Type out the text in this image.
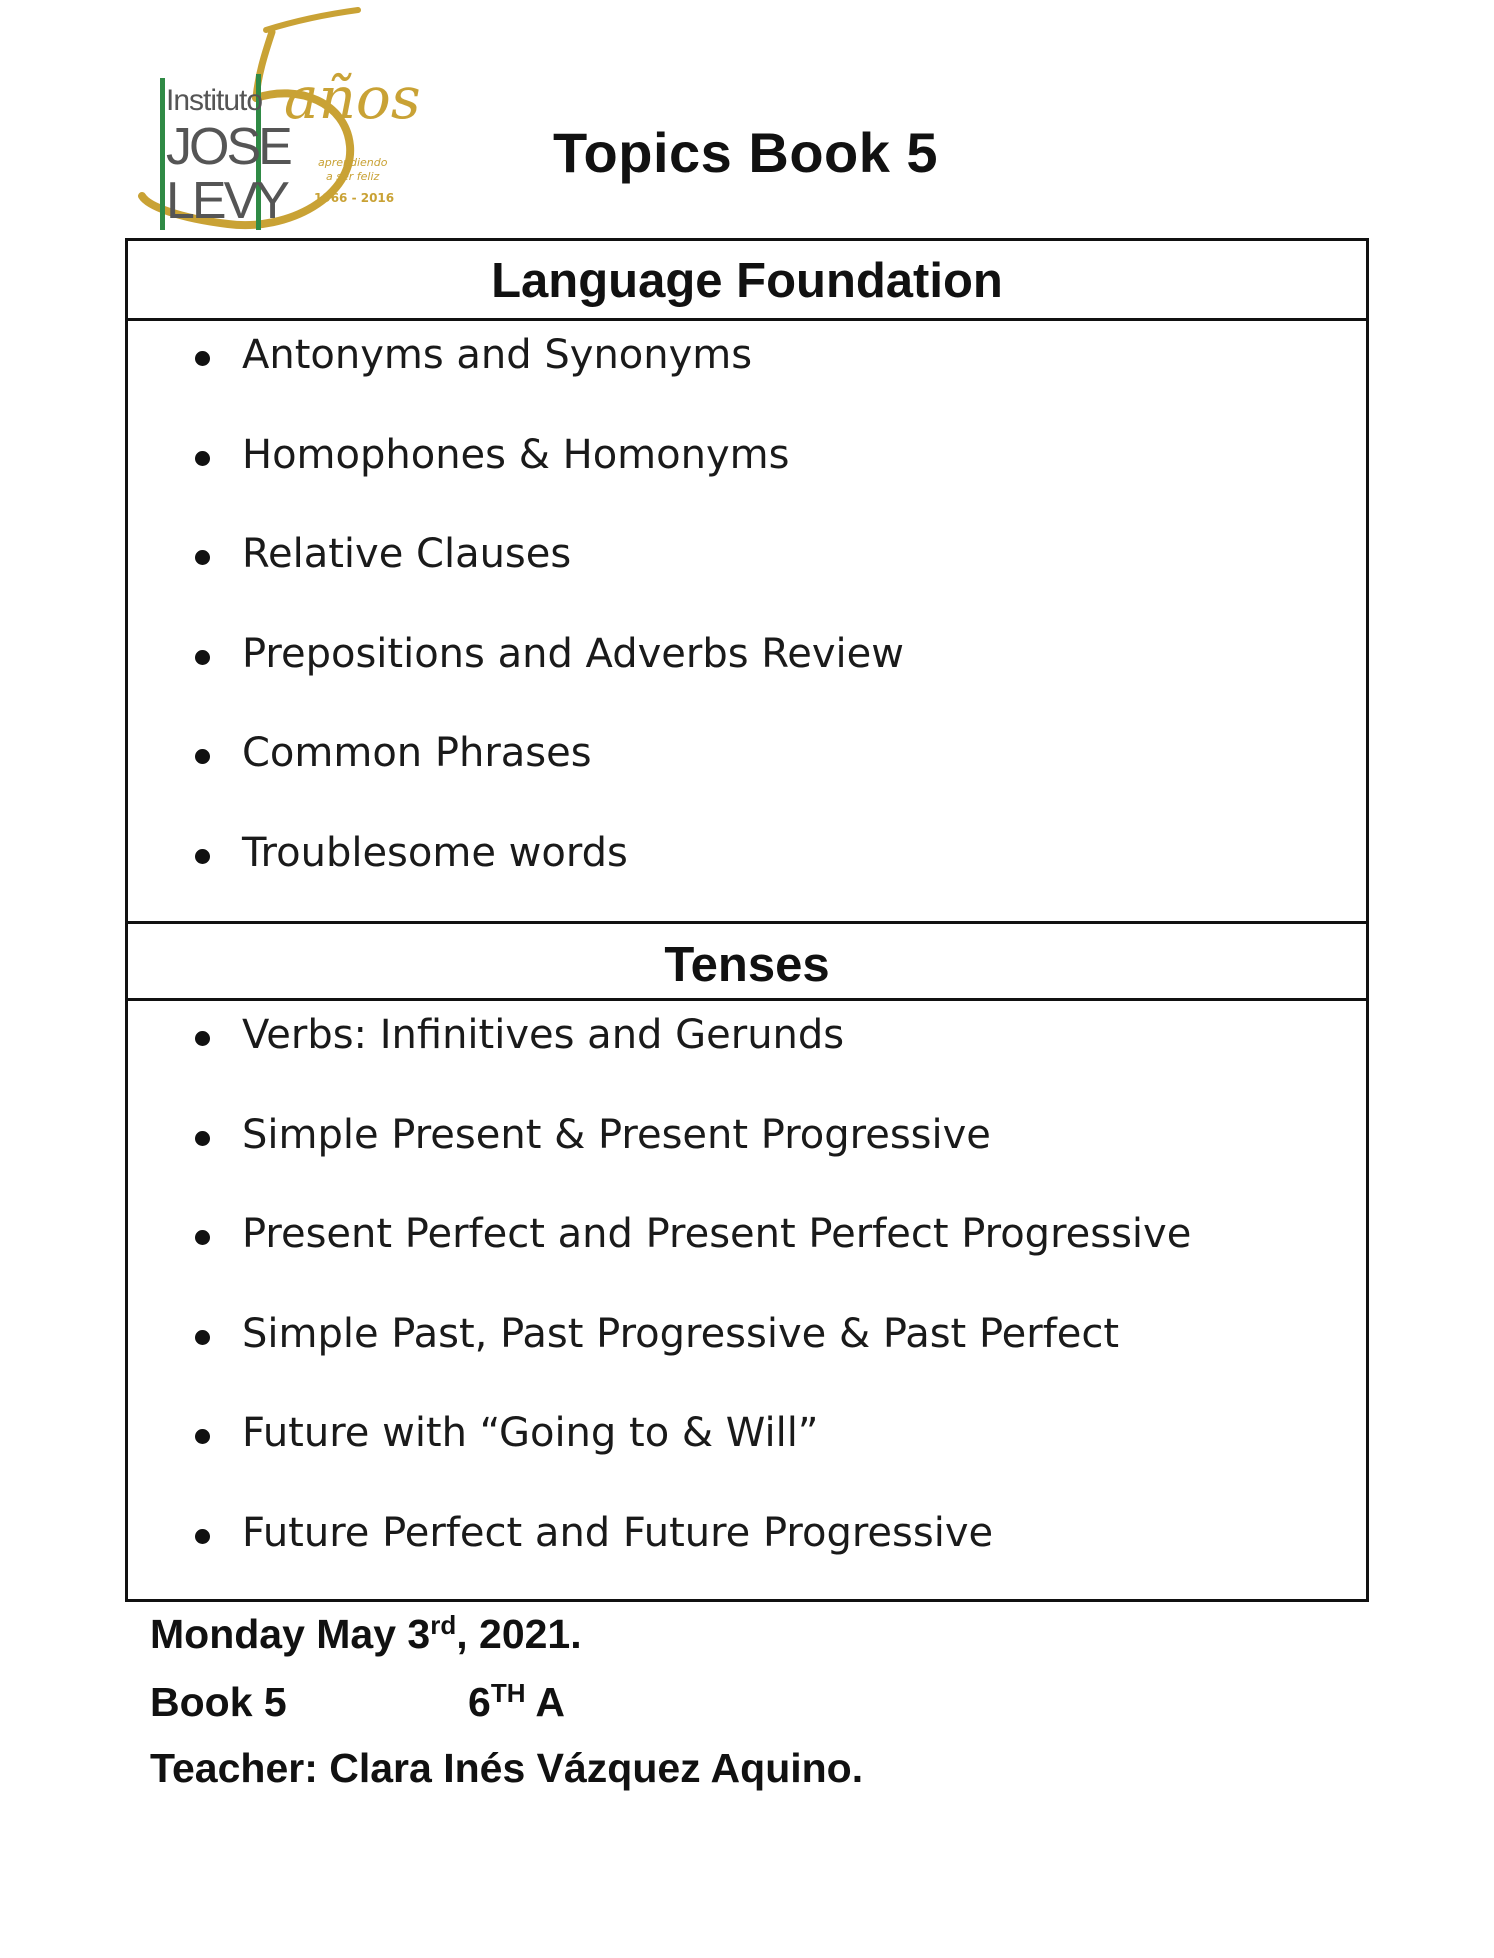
Instituto
JOSE
LEVY
años
aprendiendo
a ser feliz
1966 - 2016
Topics Book 5
Language Foundation
Antonyms and Synonyms
Homophones & Homonyms
Relative Clauses
Prepositions and Adverbs Review
Common Phrases
Troublesome words
Tenses
Verbs: Infinitives and Gerunds
Simple Present & Present Progressive
Present Perfect and Present Perfect Progressive
Simple Past, Past Progressive & Past Perfect
Future with “Going to & Will”
Future Perfect and Future Progressive
Monday May 3rd, 2021.
Book 5	6TH A
Teacher: Clara Inés Vázquez Aquino.
